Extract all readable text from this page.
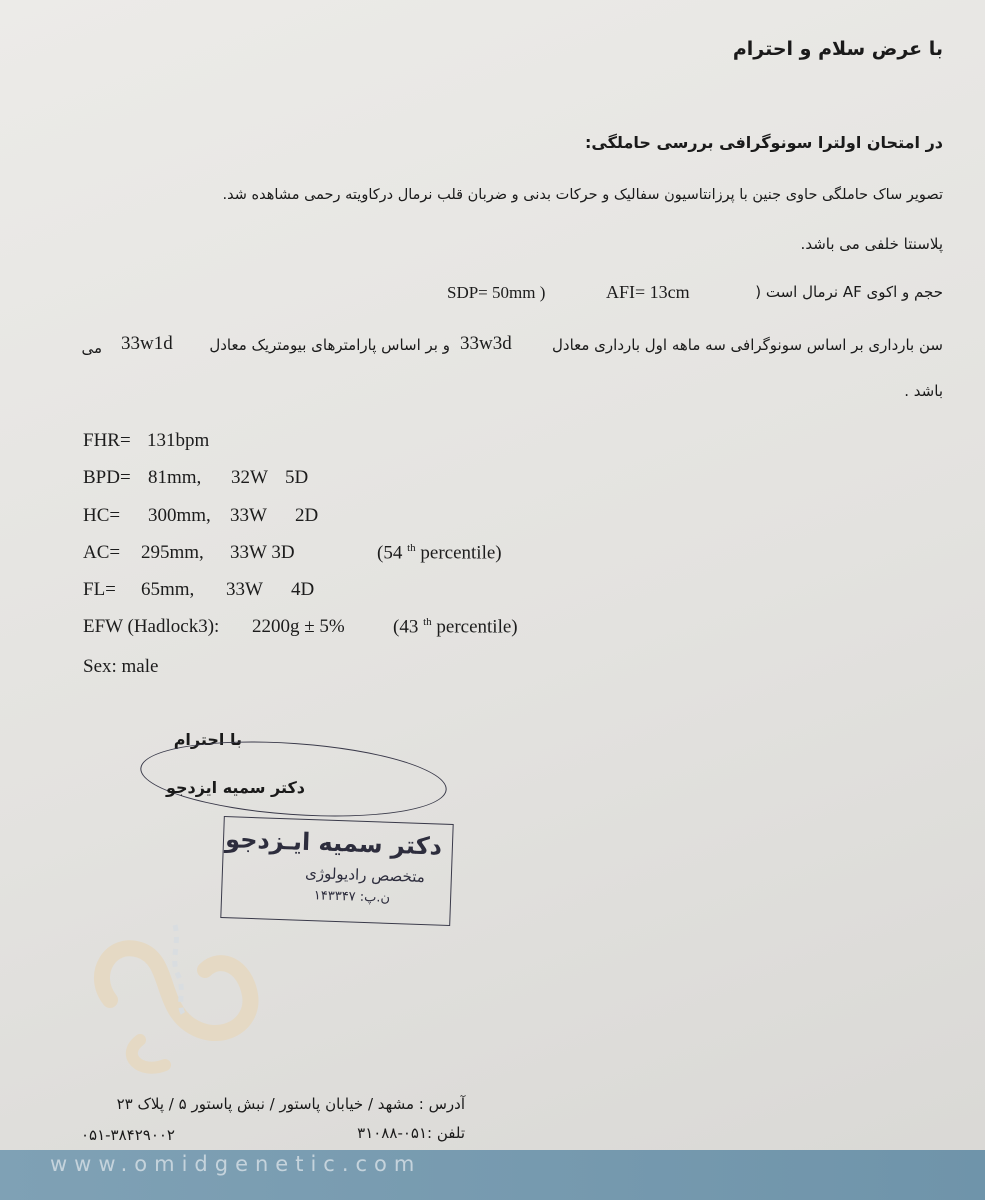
با عرض سلام و احترام
در امتحان اولترا سونوگرافی بررسی حاملگی:
تصویر ساک حاملگی حاوی جنین با پرزانتاسیون سفالیک و حرکات بدنی و ضربان قلب نرمال درکاویته رحمی مشاهده شد.
پلاسنتا خلفی می باشد.
حجم و اکوی AF نرمال است (
AFI= 13cm
SDP= 50mm )
سن بارداری بر اساس سونوگرافی سه ماهه اول بارداری معادل
33w3d
و بر اساس پارامترهای بیومتریک معادل
33w1d
می
باشد .
FHR= 131bpm
BPD= 81mm, 32W 5D
HC= 300mm, 33W 2D
AC= 295mm, 33W 3D	(54 $^{th}$ percentile)
FL= 65mm, 33W 4D
EFW (Hadlock3): 2200g ± 5%	(43 $^{th}$ percentile)
Sex: male
با احترام
دکتر سمیه ایزدجو
دکتر سمیه ایـزدجو
متخصص رادیولوژی
ن.پ: ۱۴۳۳۴۷
آدرس : مشهد / خیابان پاستور / نبش پاستور ۵ / پلاک ۲۳
تلفن :۰۵۱-۳۱۰۸۸
۰۵۱-۳۸۴۲۹۰۰۲
www.omidgenetic.com
